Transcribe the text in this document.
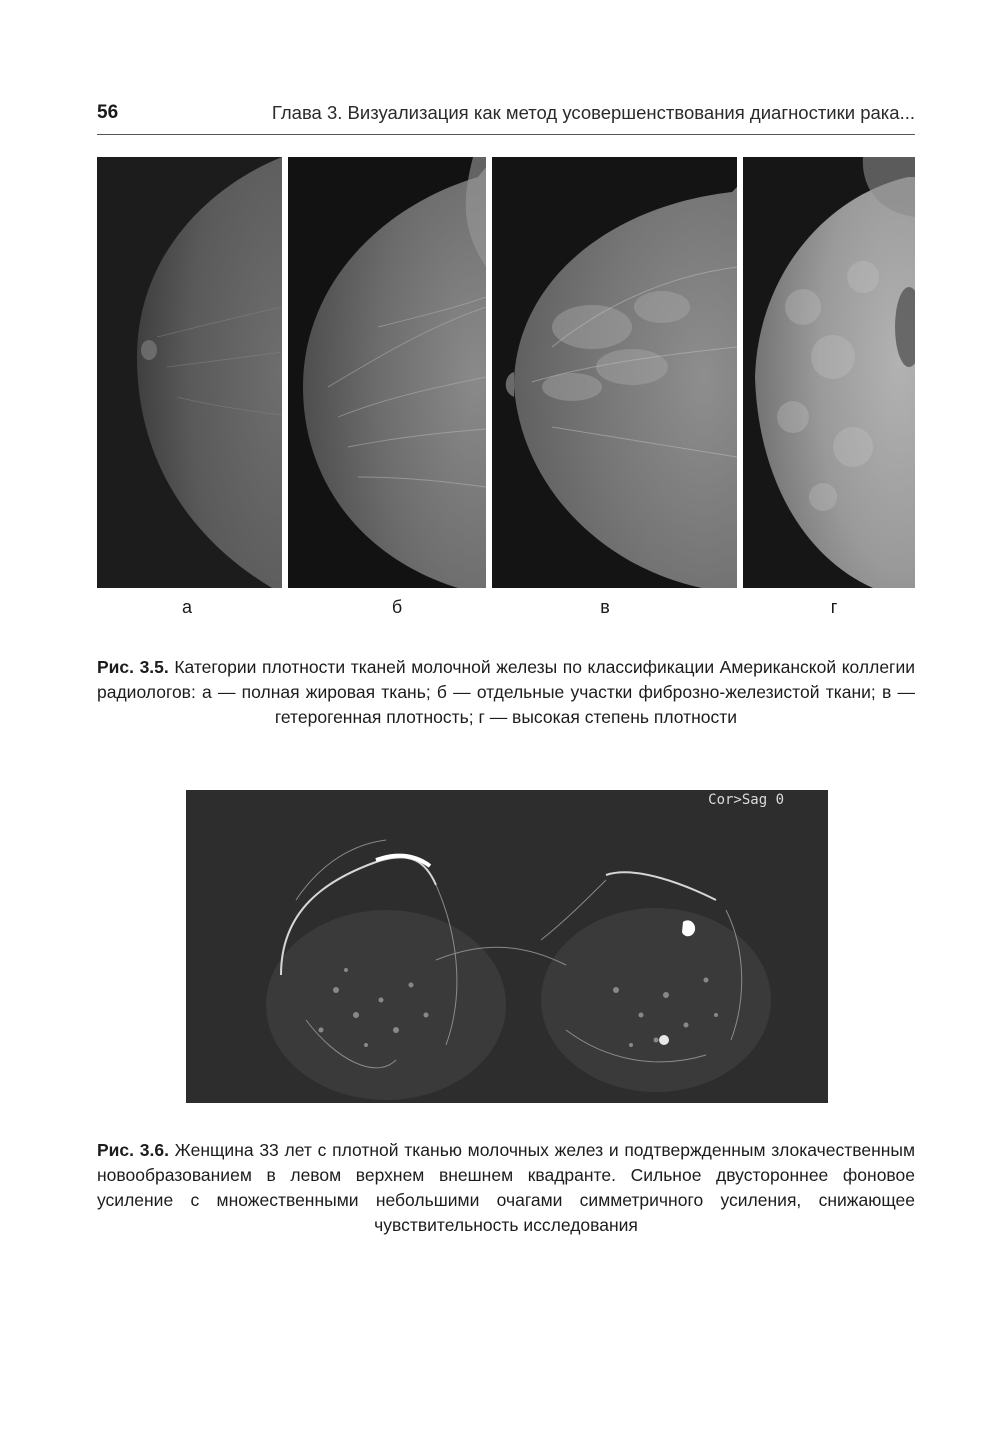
56	Глава 3. Визуализация как метод усовершенствования диагностики рака...
а	б	в	г
Рис. 3.5. Категории плотности тканей молочной железы по классификации Американской коллегии радиологов: а — полная жировая ткань; б — отдельные участки фиброзно-железистой ткани; в — гетерогенная плотность; г — высокая степень плотности
Cor>Sag 0
Рис. 3.6. Женщина 33 лет с плотной тканью молочных желез и подтвержденным злокачественным новообразованием в левом верхнем внешнем квадранте. Сильное двустороннее фоновое усиление с множественными небольшими очагами симметричного усиления, снижающее чувствительность исследования
